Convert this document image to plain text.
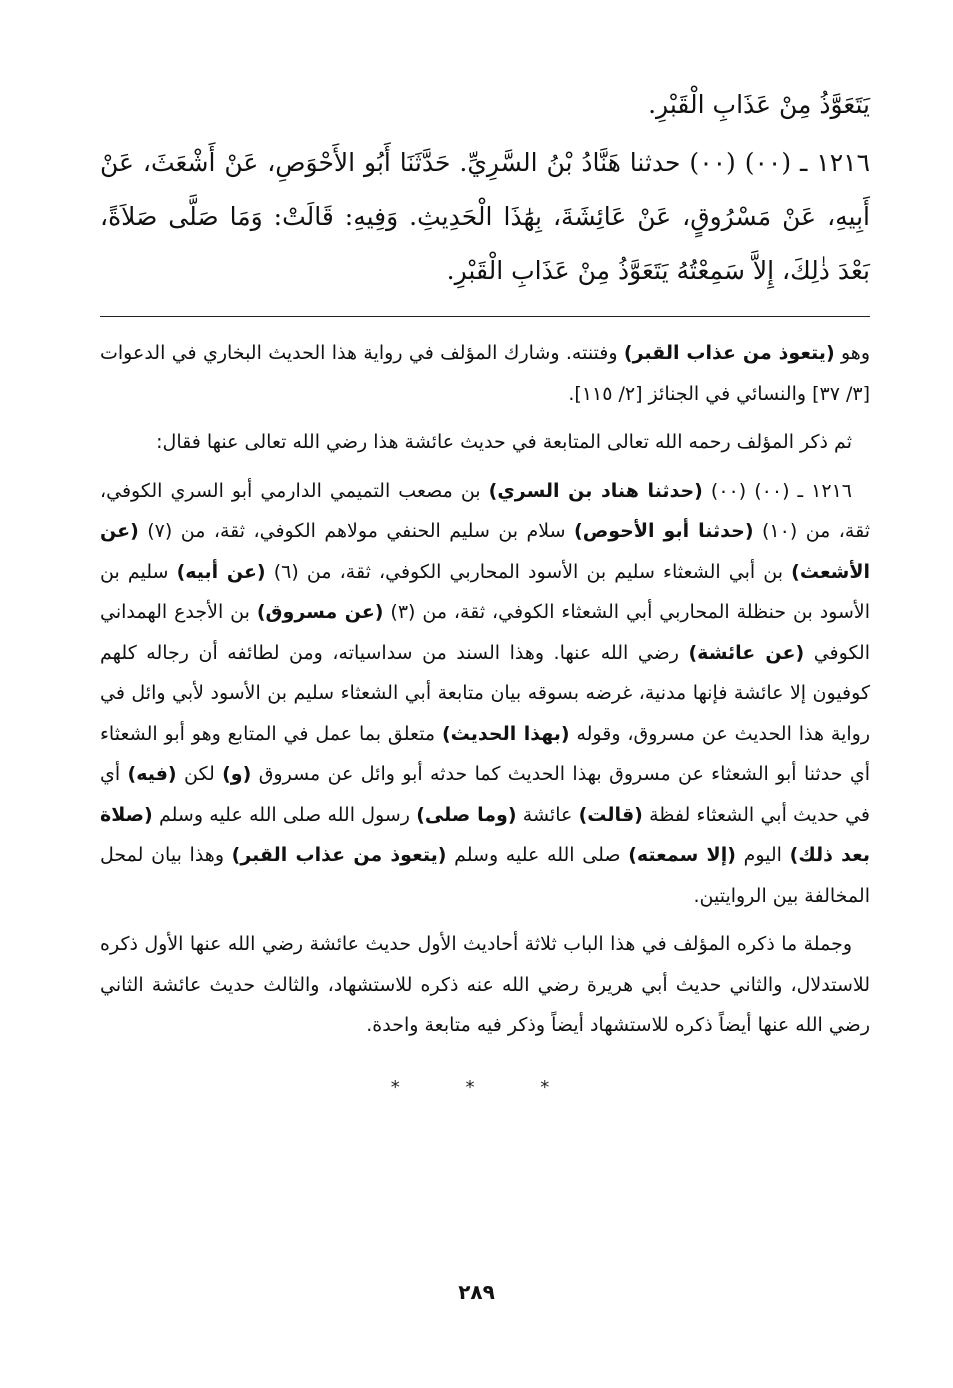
يَتَعَوَّذُ مِنْ عَذَابِ الْقَبْرِ.

١٢١٦ ـ (٠٠) (٠٠) حدثنا هَنَّادُ بْنُ السَّرِيِّ. حَدَّثَنَا أَبُو الأَحْوَصِ، عَنْ أَشْعَثَ، عَنْ أَبِيهِ، عَنْ مَسْرُوقٍ، عَنْ عَائِشَةَ، بِهَٰذَا الْحَدِيثِ. وَفِيهِ: قَالَتْ: وَمَا صَلَّى صَلاَةً، بَعْدَ ذٰلِكَ، إِلاَّ سَمِعْتُهُ يَتَعَوَّذُ مِنْ عَذَابِ الْقَبْرِ.

وهو (يتعوذ من عذاب القبر) وفتنته. وشارك المؤلف في رواية هذا الحديث البخاري في الدعوات [٣/ ٣٧] والنسائي في الجنائز [٢/ ١١٥].

ثم ذكر المؤلف رحمه الله تعالى المتابعة في حديث عائشة هذا رضي الله تعالى عنها فقال:

١٢١٦ ـ (٠٠) (٠٠) (حدثنا هناد بن السري) بن مصعب التميمي الدارمي أبو السري الكوفي، ثقة، من (١٠) (حدثنا أبو الأحوص) سلام بن سليم الحنفي مولاهم الكوفي، ثقة، من (٧) (عن الأشعث) بن أبي الشعثاء سليم بن الأسود المحاربي الكوفي، ثقة، من (٦) (عن أبيه) سليم بن الأسود بن حنظلة المحاربي أبي الشعثاء الكوفي، ثقة، من (٣) (عن مسروق) بن الأجدع الهمداني الكوفي (عن عائشة) رضي الله عنها. وهذا السند من سداسياته، ومن لطائفه أن رجاله كلهم كوفيون إلا عائشة فإنها مدنية، غرضه بسوقه بيان متابعة أبي الشعثاء سليم بن الأسود لأبي وائل في رواية هذا الحديث عن مسروق، وقوله (بهذا الحديث) متعلق بما عمل في المتابع وهو أبو الشعثاء أي حدثنا أبو الشعثاء عن مسروق بهذا الحديث كما حدثه أبو وائل عن مسروق (و) لكن (فيه) أي في حديث أبي الشعثاء لفظة (قالت) عائشة (وما صلى) رسول الله صلى الله عليه وسلم (صلاة بعد ذلك) اليوم (إلا سمعته) صلى الله عليه وسلم (يتعوذ من عذاب القبر) وهذا بيان لمحل المخالفة بين الروايتين.

وجملة ما ذكره المؤلف في هذا الباب ثلاثة أحاديث الأول حديث عائشة رضي الله عنها الأول ذكره للاستدلال، والثاني حديث أبي هريرة رضي الله عنه ذكره للاستشهاد، والثالث حديث عائشة الثاني رضي الله عنها أيضاً ذكره للاستشهاد أيضاً وذكر فيه متابعة واحدة.

* * *
٢٨٩
